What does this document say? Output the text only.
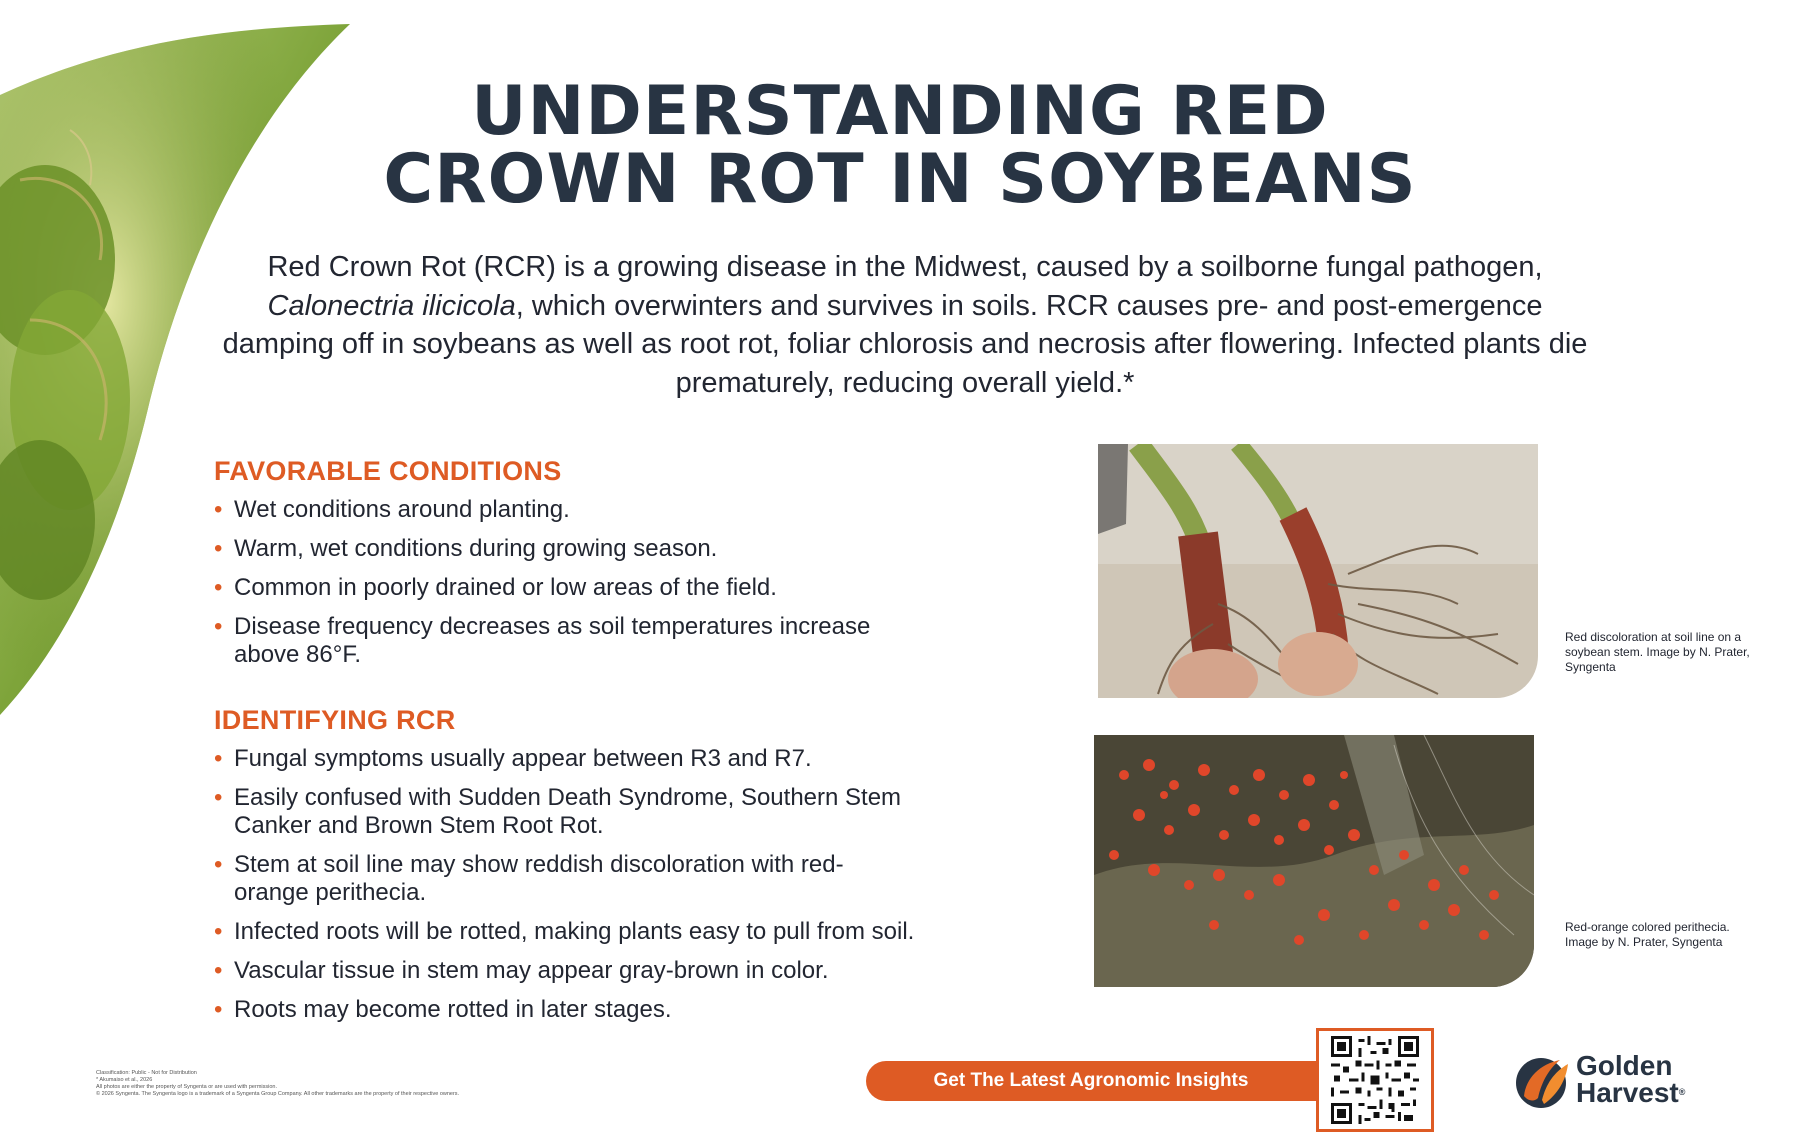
UNDERSTANDING RED
CROWN ROT IN SOYBEANS

Red Crown Rot (RCR) is a growing disease in the Midwest, caused by a soilborne fungal pathogen, Calonectria ilicicola, which overwinters and survives in soils. RCR causes pre- and post-emergence damping off in soybeans as well as root rot, foliar chlorosis and necrosis after flowering. Infected plants die prematurely, reducing overall yield.*

FAVORABLE CONDITIONS
• Wet conditions around planting.
• Warm, wet conditions during growing season.
• Common in poorly drained or low areas of the field.
• Disease frequency decreases as soil temperatures increase above 86°F.
IDENTIFYING RCR
• Fungal symptoms usually appear between R3 and R7.
• Easily confused with Sudden Death Syndrome, Southern Stem Canker and Brown Stem Root Rot.
• Stem at soil line may show reddish discoloration with red-orange perithecia.
• Infected roots will be rotted, making plants easy to pull from soil.
• Vascular tissue in stem may appear gray-brown in color.
• Roots may become rotted in later stages.

Red discoloration at soil line on a soybean stem. Image by N. Prater, Syngenta

Red-orange colored perithecia. Image by N. Prater, Syngenta

Classification: Public - Not for Distribution
* Akumaiso et al., 2026
All photos are either the property of Syngenta or are used with permission.
© 2026 Syngenta. The Syngenta logo is a trademark of a Syngenta Group Company. All other trademarks are the property of their respective owners.
Get The Latest Agronomic Insights	Golden
Harvest®
